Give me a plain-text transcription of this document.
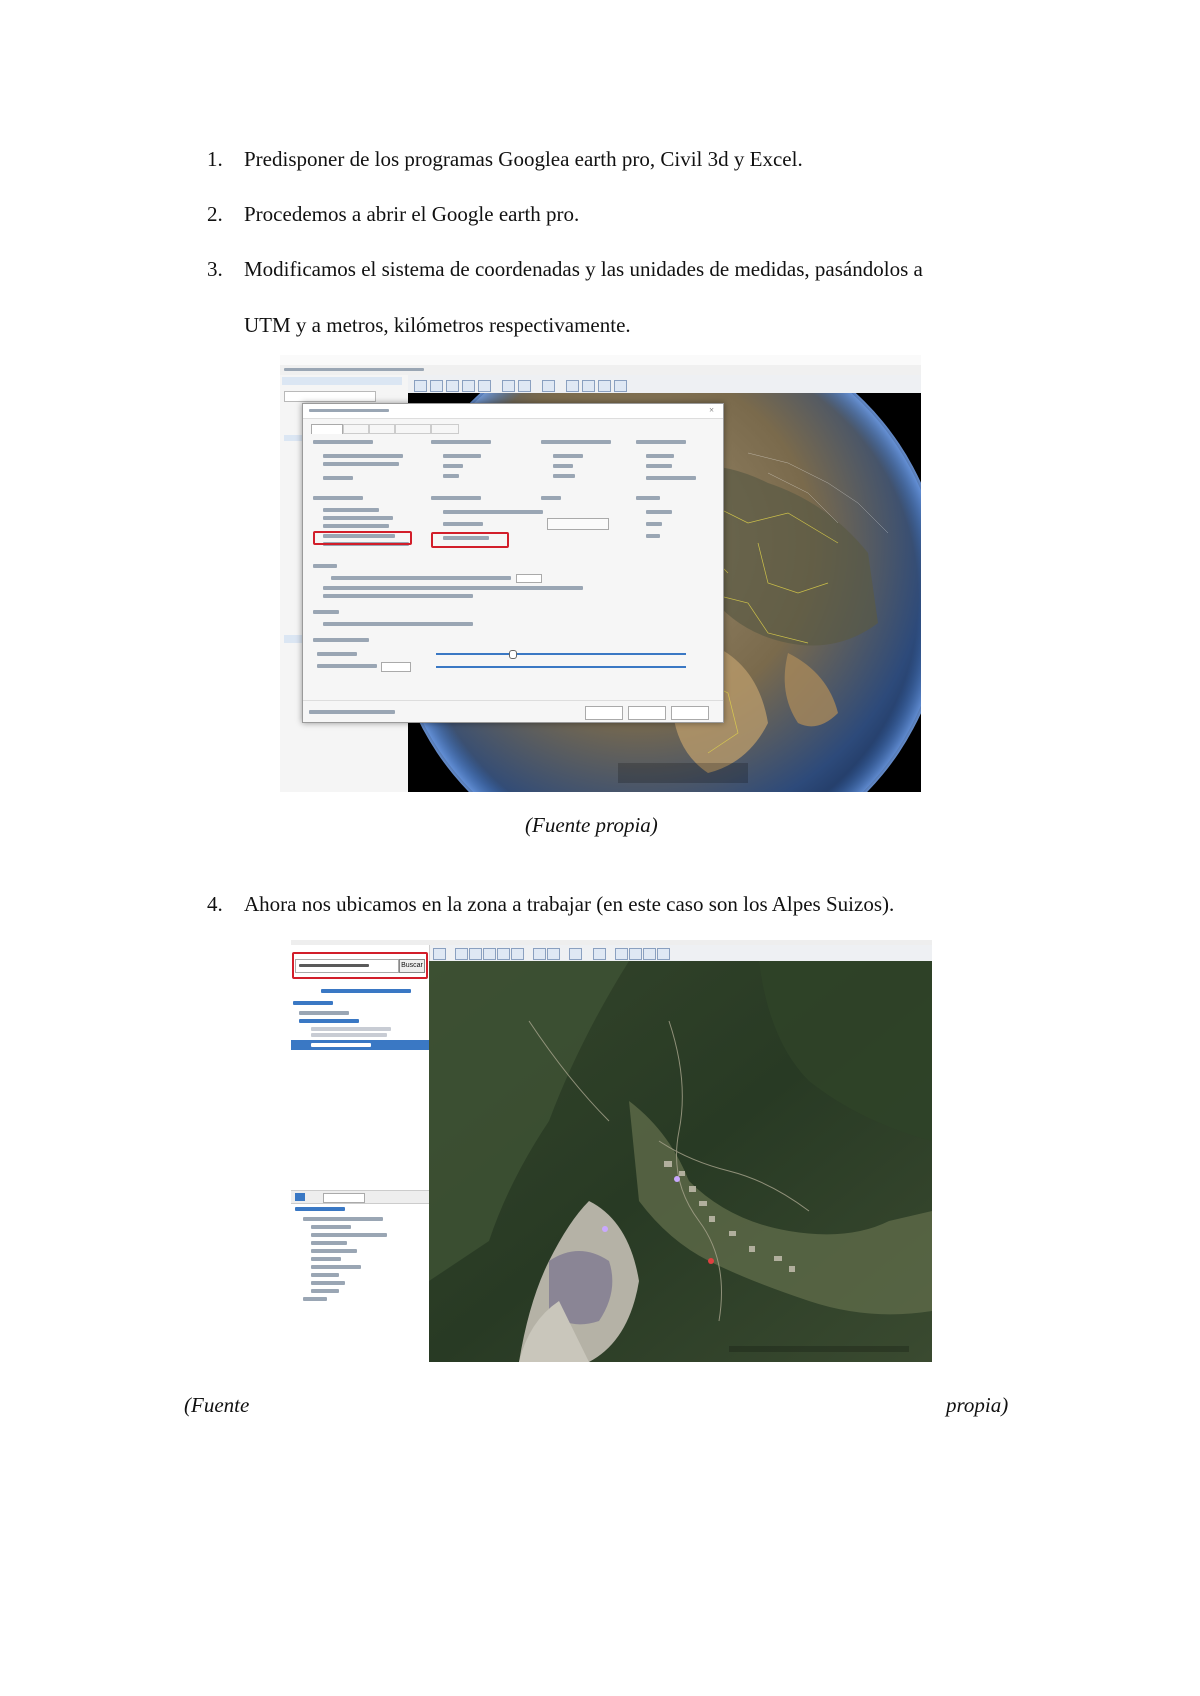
1.	Predisponer de los programas Googlea earth pro, Civil 3d y Excel.
2.	Procedemos a abrir el Google earth pro.
3.	Modificamos el sistema de coordenadas y las unidades de medidas, pasándolos a
UTM y a metros, kilómetros respectivamente.
×
(Fuente propia)
4.	Ahora nos ubicamos en la zona a trabajar (en este caso son los Alpes Suizos).
Buscar
(Fuente	propia)
